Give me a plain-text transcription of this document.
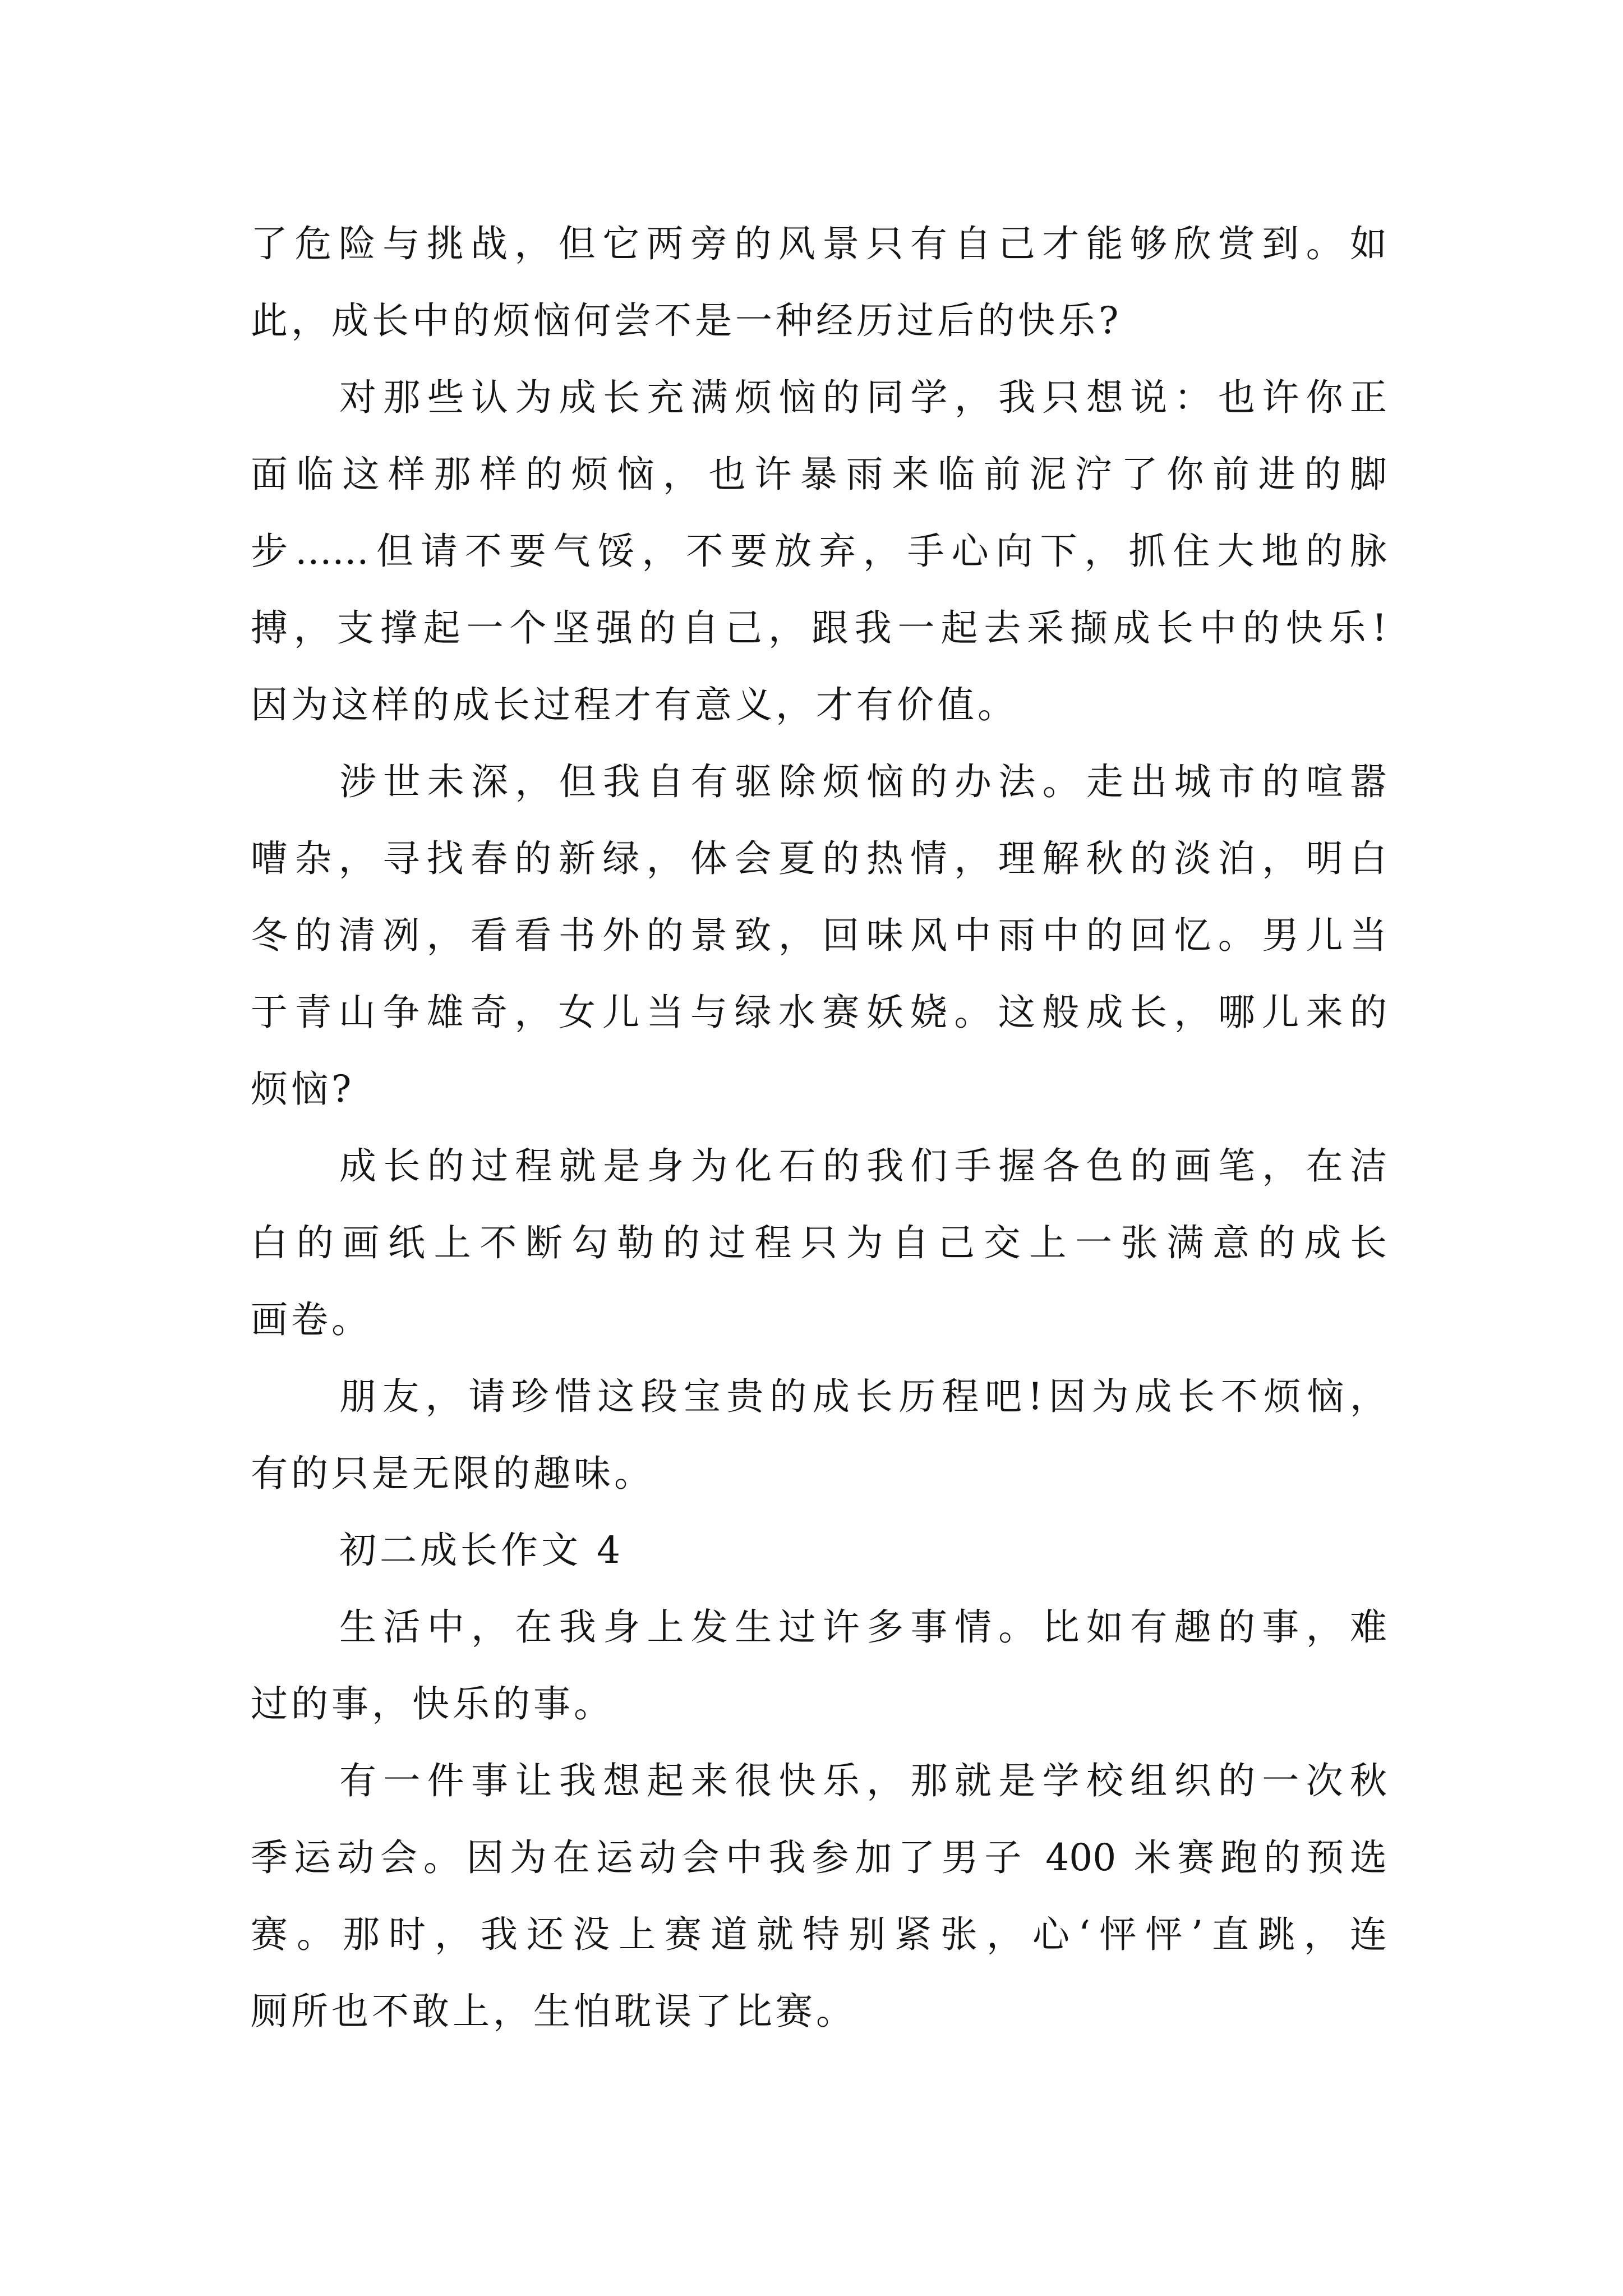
了危险与挑战，但它两旁的风景只有自己才能够欣赏到。如
此，成长中的烦恼何尝不是一种经历过后的快乐?
对那些认为成长充满烦恼的同学，我只想说：也许你正
面临这样那样的烦恼，也许暴雨来临前泥泞了你前进的脚
步……但请不要气馁，不要放弃，手心向下，抓住大地的脉
搏，支撑起一个坚强的自己，跟我一起去采撷成长中的快乐!
因为这样的成长过程才有意义，才有价值。
涉世未深，但我自有驱除烦恼的办法。走出城市的喧嚣
嘈杂，寻找春的新绿，体会夏的热情，理解秋的淡泊，明白
冬的清冽，看看书外的景致，回味风中雨中的回忆。男儿当
于青山争雄奇，女儿当与绿水赛妖娆。这般成长，哪儿来的
烦恼?
成长的过程就是身为化石的我们手握各色的画笔，在洁
白的画纸上不断勾勒的过程只为自己交上一张满意的成长
画卷。
朋友，请珍惜这段宝贵的成长历程吧!因为成长不烦恼，
有的只是无限的趣味。
初二成长作文 4
生活中，在我身上发生过许多事情。比如有趣的事，难
过的事，快乐的事。
有一件事让我想起来很快乐，那就是学校组织的一次秋
季运动会。因为在运动会中我参加了男子 400 米赛跑的预选
赛。那时，我还没上赛道就特别紧张，心‘怦怦’直跳，连
厕所也不敢上，生怕耽误了比赛。
